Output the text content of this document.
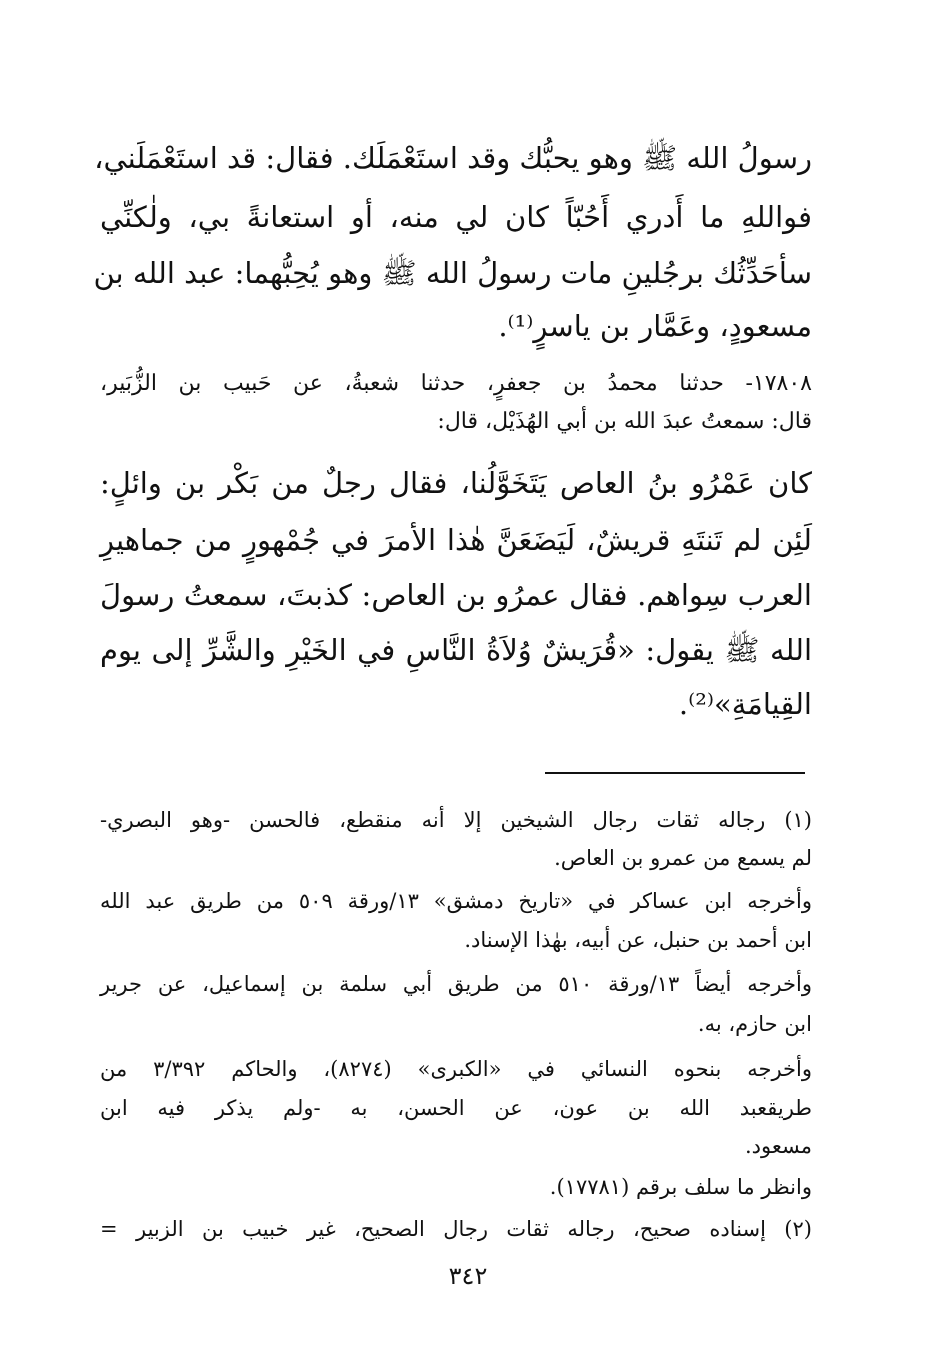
رسولُ الله ﷺ وهو يحبُّك وقد استَعْمَلَك. فقال: قد استَعْمَلَني،
فواللهِ ما أَدري أَحُبّاً كان لي منه، أو استعانةً بي، ولٰكنِّي
سأحَدِّثُك برجُلينِ مات رسولُ الله ﷺ وهو يُحِبُّهما: عبد الله بن
مسعودٍ، وعَمَّار بن ياسرٍ⁽¹⁾.
١٧٨٠٨- حدثنا محمدُ بن جعفرٍ، حدثنا شعبةُ، عن حَبيب بن الزُّبَير،
قال: سمعتُ عبدَ الله بن أبي الهُذَيْل، قال:
كان عَمْرُو بنُ العاص يَتَخَوَّلُنا، فقال رجلٌ من بَكْر بن وائلٍ:
لَئِن لم تَنتَهِ قريشٌ، لَيَضَعَنَّ هٰذا الأمرَ في جُمْهورٍ من جماهيرِ
العرب سِواهم. فقال عمرُو بن العاص: كذبتَ، سمعتُ رسولَ
الله ﷺ يقول: «قُرَيشٌ وُلاَةُ النَّاسِ في الخَيْرِ والشَّرِّ إلى يوم
القِيامَةِ»⁽²⁾.
(١) رجاله ثقات رجال الشيخين إلا أنه منقطع، فالحسن -وهو البصري-
لم يسمع من عمرو بن العاص.
وأخرجه ابن عساكر في «تاريخ دمشق» ١٣/ورقة ٥٠٩ من طريق عبد الله
ابن أحمد بن حنبل، عن أبيه، بهٰذا الإسناد.
وأخرجه أيضاً ١٣/ورقة ٥١٠ من طريق أبي سلمة بن إسماعيل، عن جرير
ابن حازم، به.
وأخرجه بنحوه النسائي في «الكبرى» (٨٢٧٤)، والحاكم ٣/٣٩٢ من
طريقعبد الله بن عون، عن الحسن، به -ولم يذكر فيه ابن
مسعود.
وانظر ما سلف برقم (١٧٧٨١).
(٢) إسناده صحيح، رجاله ثقات رجال الصحيح، غير خبيب بن الزبير =
٣٤٢
